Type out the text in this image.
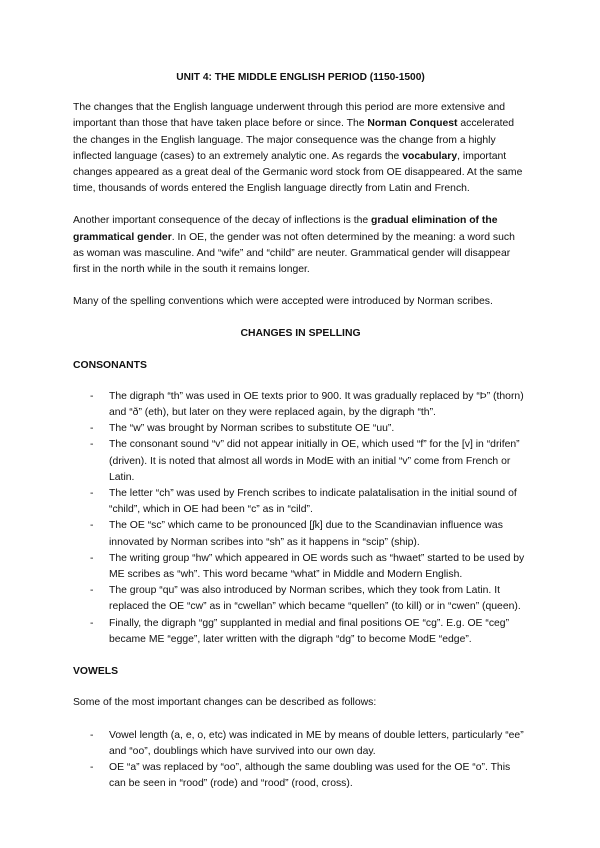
UNIT 4: THE MIDDLE ENGLISH PERIOD (1150-1500)

The changes that the English language underwent through this period are more extensive and important than those that have taken place before or since. The Norman Conquest accelerated the changes in the English language. The major consequence was the change from a highly inflected language (cases) to an extremely analytic one. As regards the vocabulary, important changes appeared as a great deal of the Germanic word stock from OE disappeared. At the same time, thousands of words entered the English language directly from Latin and French.

Another important consequence of the decay of inflections is the gradual elimination of the grammatical gender. In OE, the gender was not often determined by the meaning: a word such as woman was masculine. And “wife” and “child” are neuter. Grammatical gender will disappear first in the north while in the south it remains longer.

Many of the spelling conventions which were accepted were introduced by Norman scribes.

CHANGES IN SPELLING
CONSONANTS
- The digraph “th” was used in OE texts prior to 900. It was gradually replaced by “Þ” (thorn) and “ð” (eth), but later on they were replaced again, by the digraph “th”.
- The “w” was brought by Norman scribes to substitute OE “uu”.
- The consonant sound “v” did not appear initially in OE, which used “f” for the [v] in “drifen” (driven). It is noted that almost all words in ModE with an initial “v” come from French or Latin.
- The letter “ch” was used by French scribes to indicate palatalisation in the initial sound of “child”, which in OE had been “c” as in “cild”.
- The OE “sc” which came to be pronounced [ʃk] due to the Scandinavian influence was innovated by Norman scribes into “sh” as it happens in “scip” (ship).
- The writing group “hw” which appeared in OE words such as “hwaet” started to be used by ME scribes as “wh”. This word became “what” in Middle and Modern English.
- The group “qu” was also introduced by Norman scribes, which they took from Latin. It replaced the OE “cw” as in “cwellan” which became “quellen” (to kill) or in “cwen” (queen).
- Finally, the digraph “gg” supplanted in medial and final positions OE “cg”. E.g. OE “ceg” became ME “egge”, later written with the digraph “dg” to become ModE “edge”.
VOWELS

Some of the most important changes can be described as follows:

- Vowel length (a, e, o, etc) was indicated in ME by means of double letters, particularly “ee” and “oo”, doublings which have survived into our own day.
- OE “a” was replaced by “oo”, although the same doubling was used for the OE “o”. This can be seen in “rood” (rode) and “rood” (rood, cross).
